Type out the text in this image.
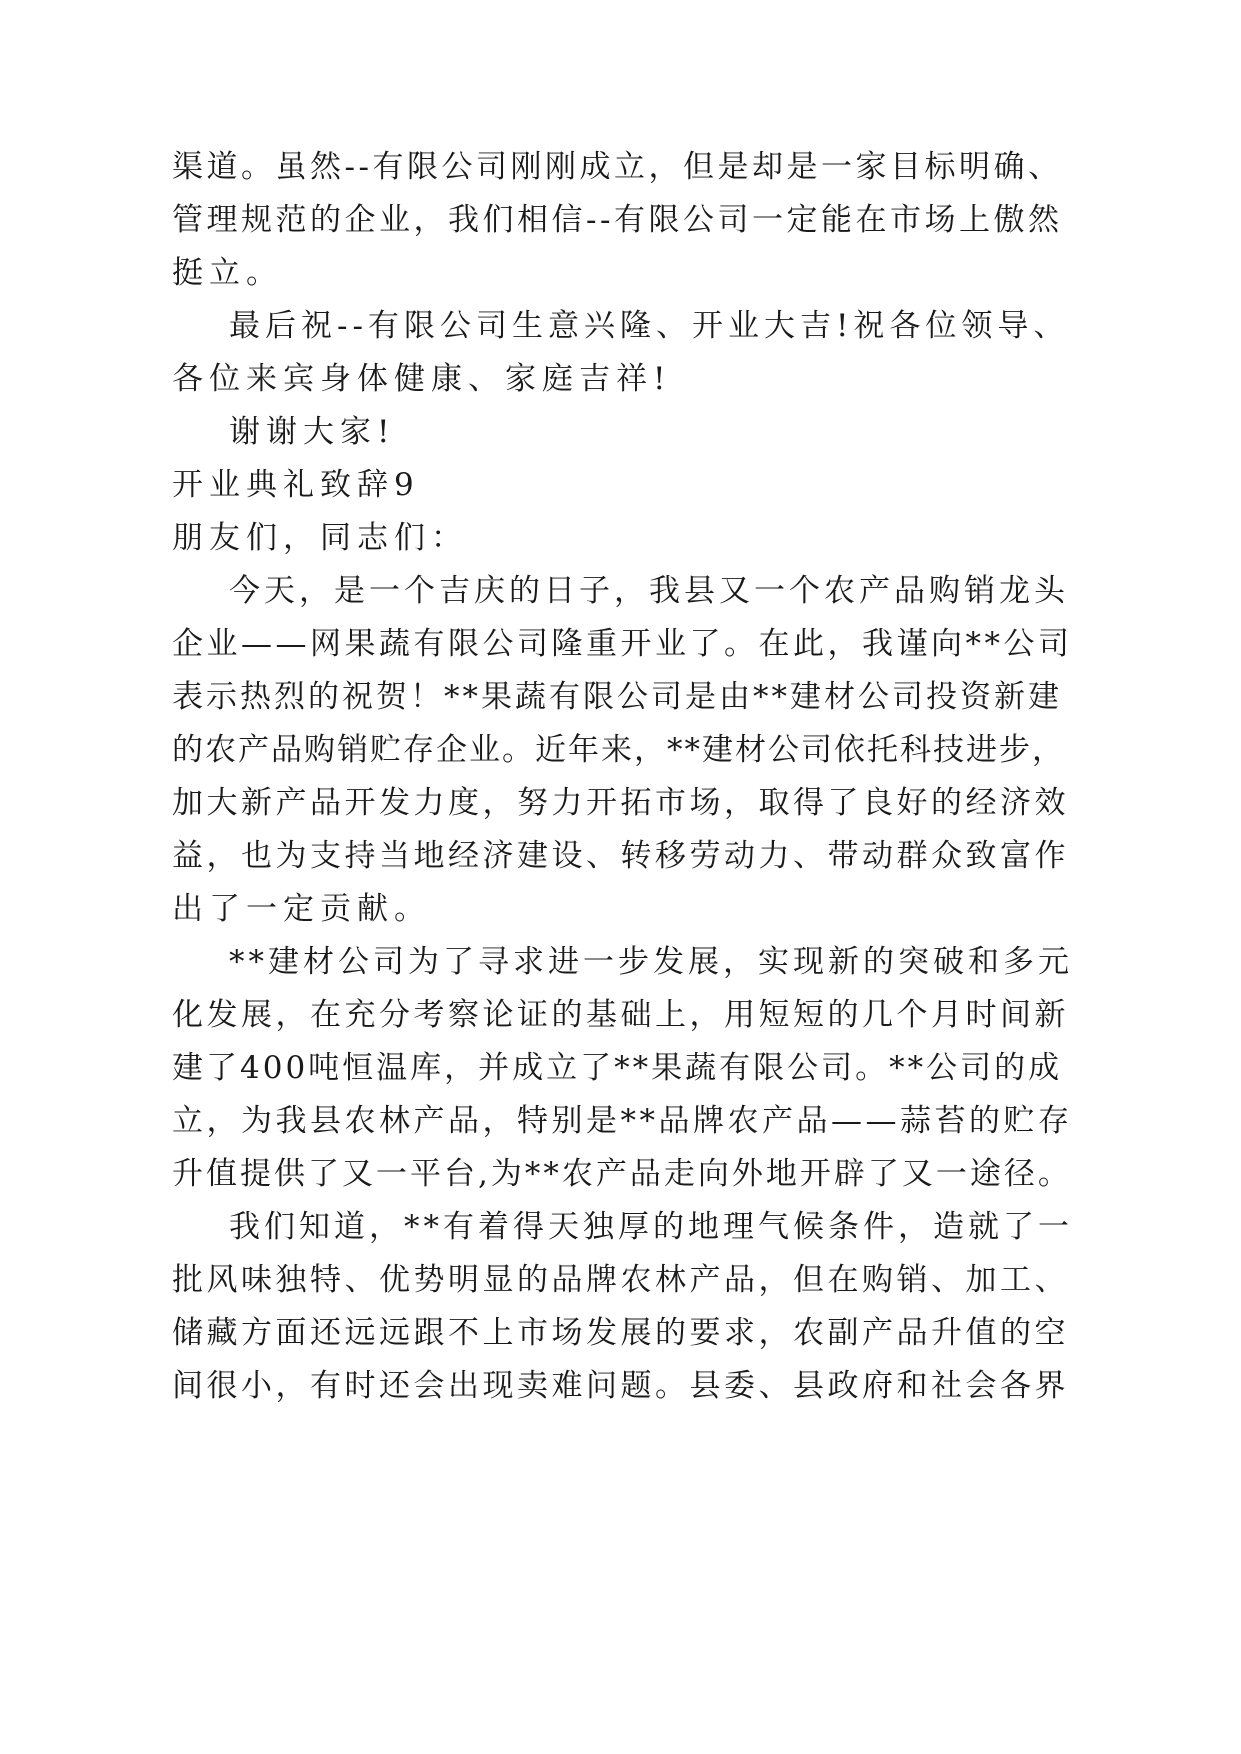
渠道。虽然--有限公司刚刚成立，但是却是一家目标明确、
管理规范的企业，我们相信--有限公司一定能在市场上傲然
挺立。
最后祝--有限公司生意兴隆、开业大吉!祝各位领导、
各位来宾身体健康、家庭吉祥!
谢谢大家!
开业典礼致辞9
朋友们，同志们：
今天，是一个吉庆的日子，我县又一个农产品购销龙头
企业——网果蔬有限公司隆重开业了。在此，我谨向**公司
表示热烈的祝贺！**果蔬有限公司是由**建材公司投资新建
的农产品购销贮存企业。近年来，**建材公司依托科技进步，
加大新产品开发力度，努力开拓市场，取得了良好的经济效
益，也为支持当地经济建设、转移劳动力、带动群众致富作
出了一定贡献。
**建材公司为了寻求进一步发展，实现新的突破和多元
化发展，在充分考察论证的基础上，用短短的几个月时间新
建了400吨恒温库，并成立了**果蔬有限公司。**公司的成
立，为我县农林产品，特别是**品牌农产品——蒜苔的贮存
升值提供了又一平台,为**农产品走向外地开辟了又一途径。
我们知道，**有着得天独厚的地理气候条件，造就了一
批风味独特、优势明显的品牌农林产品，但在购销、加工、
储藏方面还远远跟不上市场发展的要求，农副产品升值的空
间很小，有时还会出现卖难问题。县委、县政府和社会各界
